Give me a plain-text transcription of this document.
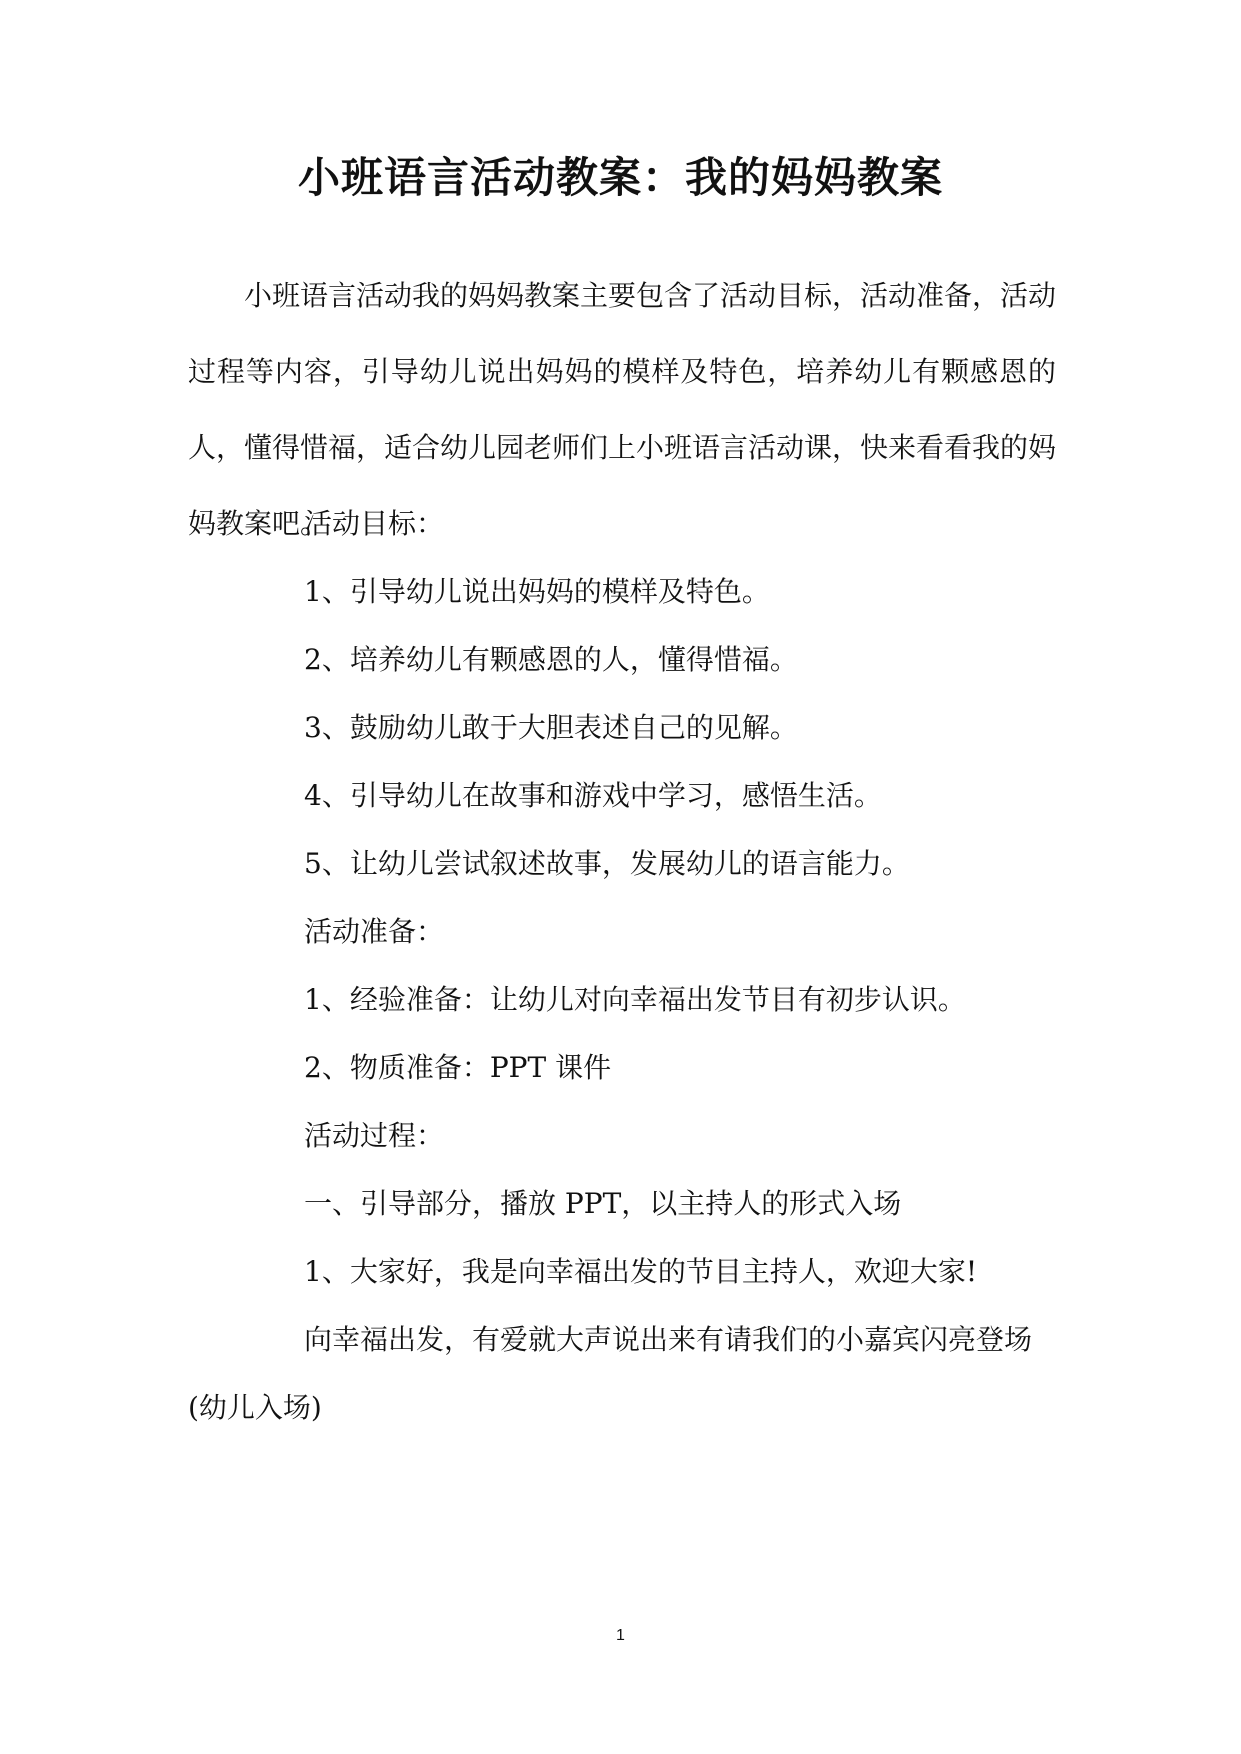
小班语言活动教案：我的妈妈教案

小班语言活动我的妈妈教案主要包含了活动目标，活动准备，活动过程等内容，引导幼儿说出妈妈的模样及特色，培养幼儿有颗感恩的人，懂得惜福，适合幼儿园老师们上小班语言活动课，快来看看我的妈妈教案吧。

活动目标：

1、引导幼儿说出妈妈的模样及特色。

2、培养幼儿有颗感恩的人，懂得惜福。

3、鼓励幼儿敢于大胆表述自己的见解。

4、引导幼儿在故事和游戏中学习，感悟生活。

5、让幼儿尝试叙述故事，发展幼儿的语言能力。

活动准备：

1、经验准备：让幼儿对向幸福出发节目有初步认识。

2、物质准备：PPT 课件

活动过程：

一、引导部分，播放 PPT，以主持人的形式入场

1、大家好，我是向幸福出发的节目主持人，欢迎大家!

向幸福出发，有爱就大声说出来有请我们的小嘉宾闪亮登场

(幼儿入场)

1
